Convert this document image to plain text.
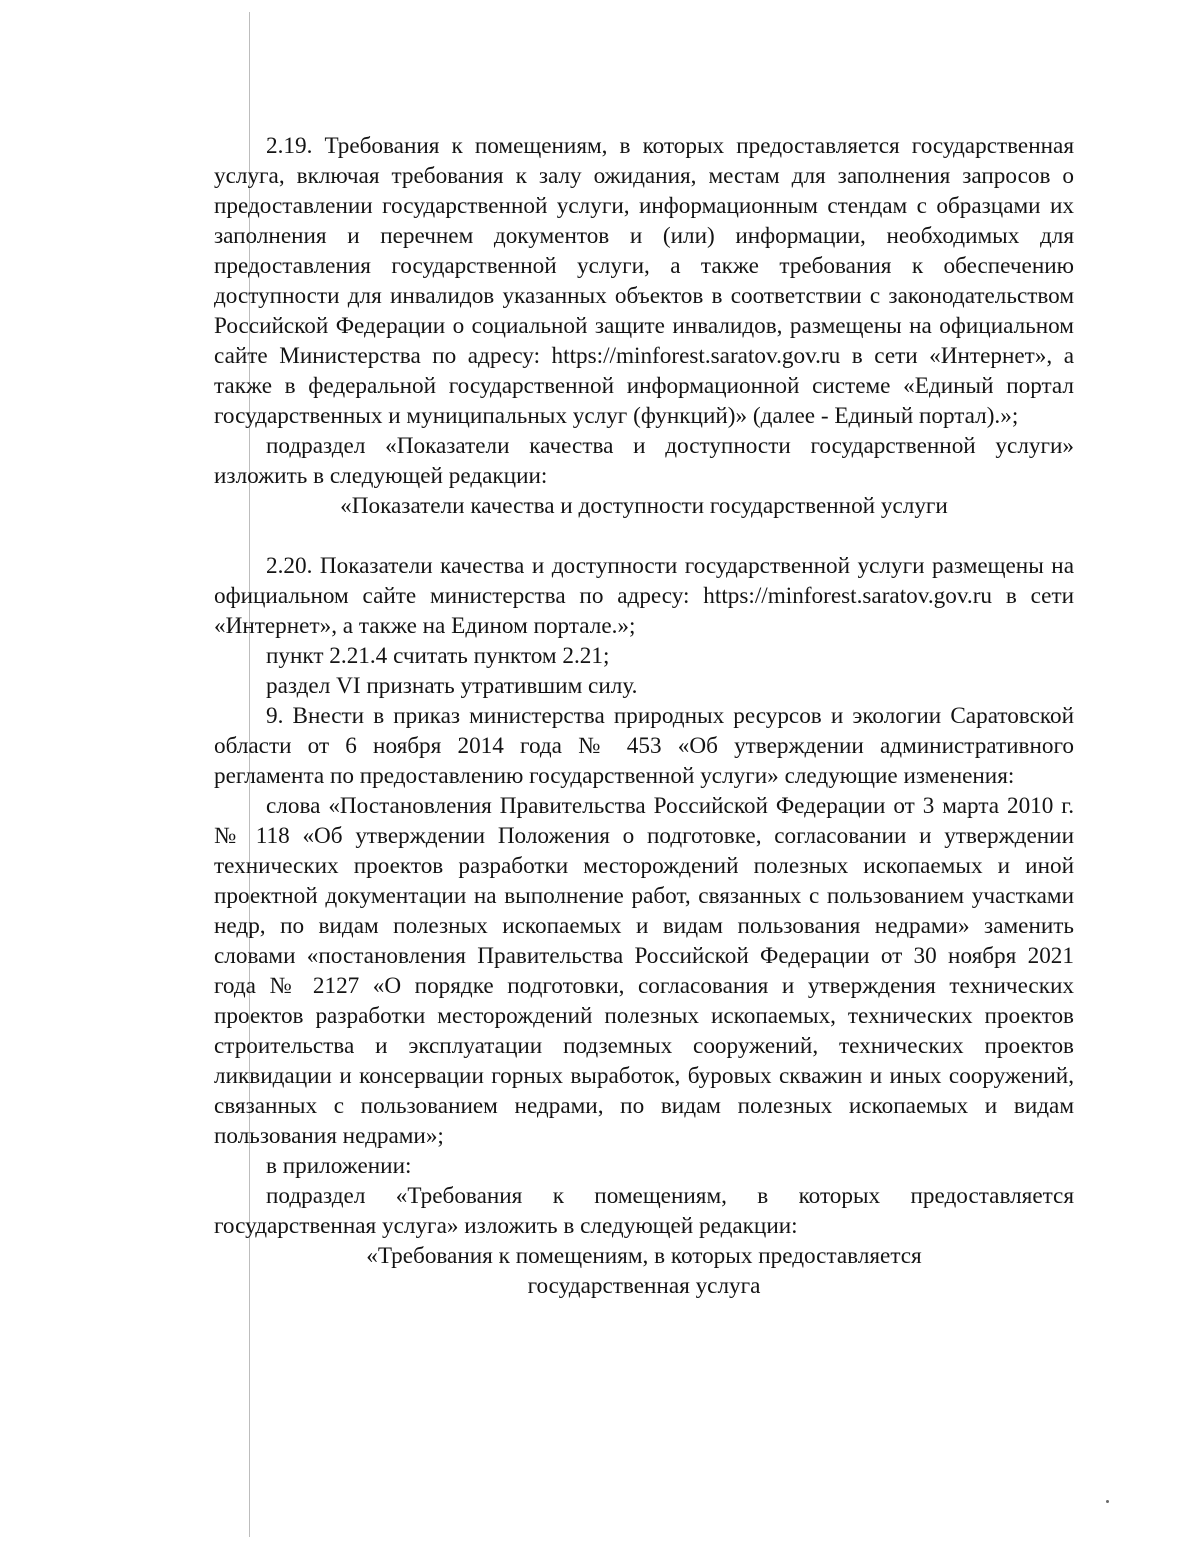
2.19. Требования к помещениям, в которых предоставляется государственная услуга, включая требования к залу ожидания, местам для заполнения запросов о предоставлении государственной услуги, информационным стендам с образцами их заполнения и перечнем документов и (или) информации, необходимых для предоставления государственной услуги, а также требования к обеспечению доступности для инвалидов указанных объектов в соответствии с законодательством Российской Федерации о социальной защите инвалидов, размещены на официальном сайте Министерства по адресу: https://minforest.saratov.gov.ru в сети «Интернет», а также в федеральной государственной информационной системе «Единый портал государственных и муниципальных услуг (функций)» (далее - Единый портал).»;

подраздел «Показатели качества и доступности государственной услуги» изложить в следующей редакции:

«Показатели качества и доступности государственной услуги

2.20. Показатели качества и доступности государственной услуги размещены на официальном сайте министерства по адресу: https://minforest.saratov.gov.ru в сети «Интернет», а также на Едином портале.»;

пункт 2.21.4 считать пунктом 2.21;

раздел VI признать утратившим силу.

9. Внести в приказ министерства природных ресурсов и экологии Саратовской области от 6 ноября 2014 года № 453 «Об утверждении административного регламента по предоставлению государственной услуги» следующие изменения:

слова «Постановления Правительства Российской Федерации от 3 марта 2010 г. № 118 «Об утверждении Положения о подготовке, согласовании и утверждении технических проектов разработки месторождений полезных ископаемых и иной проектной документации на выполнение работ, связанных с пользованием участками недр, по видам полезных ископаемых и видам пользования недрами» заменить словами «постановления Правительства Российской Федерации от 30 ноября 2021 года № 2127 «О порядке подготовки, согласования и утверждения технических проектов разработки месторождений полезных ископаемых, технических проектов строительства и эксплуатации подземных сооружений, технических проектов ликвидации и консервации горных выработок, буровых скважин и иных сооружений, связанных с пользованием недрами, по видам полезных ископаемых и видам пользования недрами»;

в приложении:

подраздел «Требования к помещениям, в которых предоставляется государственная услуга» изложить в следующей редакции:

«Требования к помещениям, в которых предоставляется

государственная услуга
